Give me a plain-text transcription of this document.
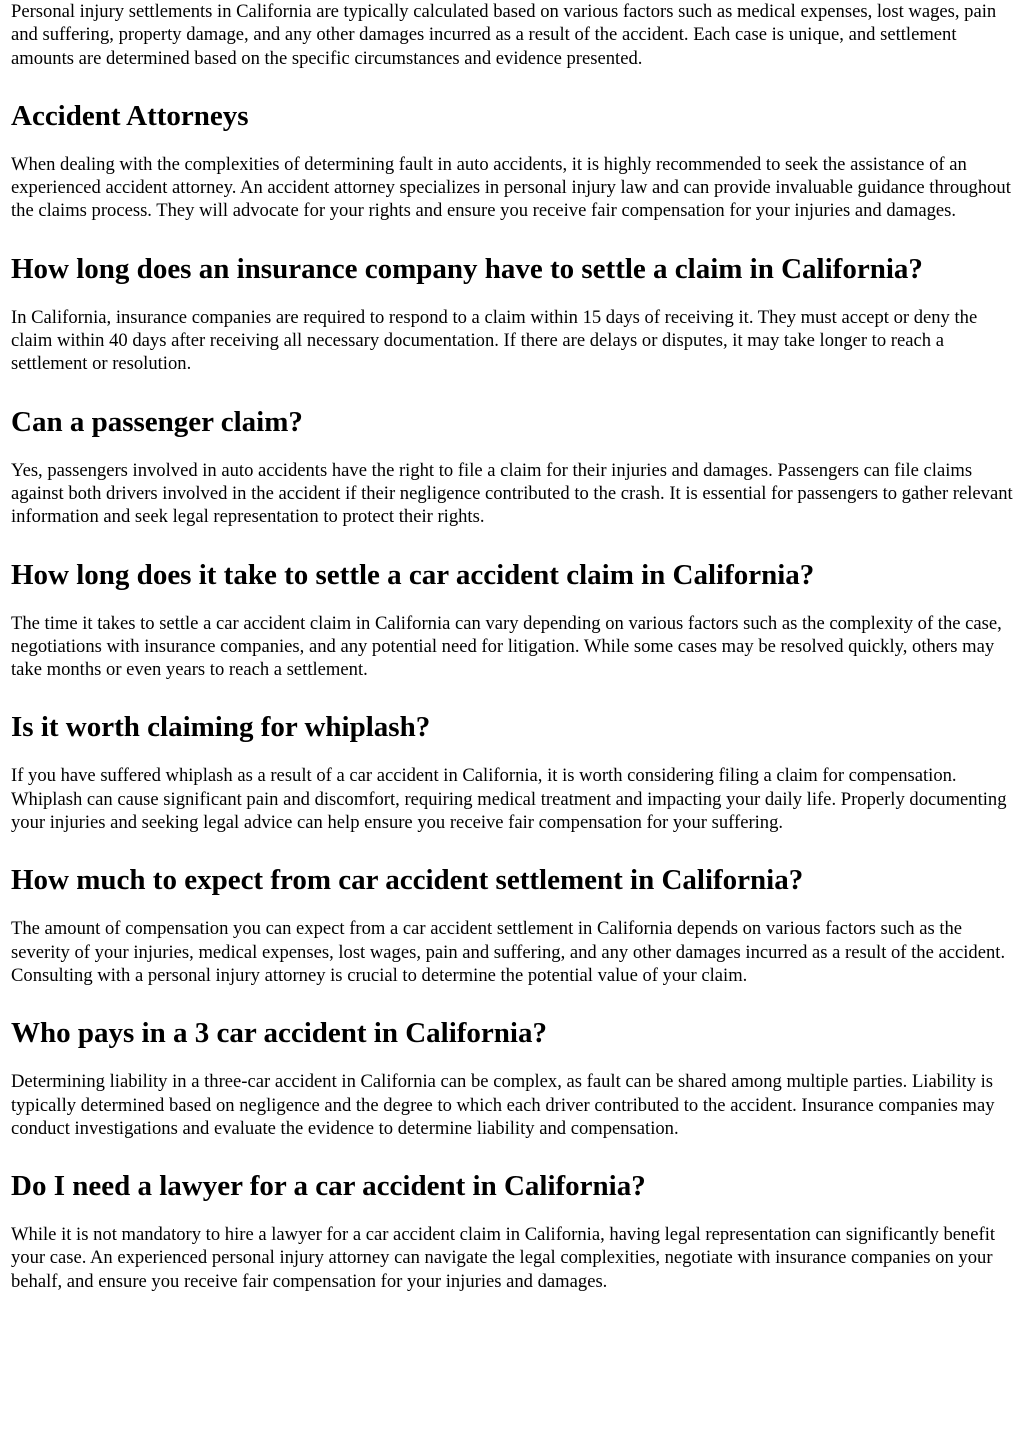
Personal injury settlements in California are typically calculated based on various factors such as medical expenses, lost wages, pain and suffering, property damage, and any other damages incurred as a result of the accident. Each case is unique, and settlement amounts are determined based on the specific circumstances and evidence presented.

Accident Attorneys

When dealing with the complexities of determining fault in auto accidents, it is highly recommended to seek the assistance of an experienced accident attorney. An accident attorney specializes in personal injury law and can provide invaluable guidance throughout the claims process. They will advocate for your rights and ensure you receive fair compensation for your injuries and damages.

How long does an insurance company have to settle a claim in California?

In California, insurance companies are required to respond to a claim within 15 days of receiving it. They must accept or deny the claim within 40 days after receiving all necessary documentation. If there are delays or disputes, it may take longer to reach a settlement or resolution.

Can a passenger claim?

Yes, passengers involved in auto accidents have the right to file a claim for their injuries and damages. Passengers can file claims against both drivers involved in the accident if their negligence contributed to the crash. It is essential for passengers to gather relevant information and seek legal representation to protect their rights.

How long does it take to settle a car accident claim in California?

The time it takes to settle a car accident claim in California can vary depending on various factors such as the complexity of the case, negotiations with insurance companies, and any potential need for litigation. While some cases may be resolved quickly, others may take months or even years to reach a settlement.

Is it worth claiming for whiplash?

If you have suffered whiplash as a result of a car accident in California, it is worth considering filing a claim for compensation. Whiplash can cause significant pain and discomfort, requiring medical treatment and impacting your daily life. Properly documenting your injuries and seeking legal advice can help ensure you receive fair compensation for your suffering.

How much to expect from car accident settlement in California?

The amount of compensation you can expect from a car accident settlement in California depends on various factors such as the severity of your injuries, medical expenses, lost wages, pain and suffering, and any other damages incurred as a result of the accident. Consulting with a personal injury attorney is crucial to determine the potential value of your claim.

Who pays in a 3 car accident in California?

Determining liability in a three-car accident in California can be complex, as fault can be shared among multiple parties. Liability is typically determined based on negligence and the degree to which each driver contributed to the accident. Insurance companies may conduct investigations and evaluate the evidence to determine liability and compensation.

Do I need a lawyer for a car accident in California?

While it is not mandatory to hire a lawyer for a car accident claim in California, having legal representation can significantly benefit your case. An experienced personal injury attorney can navigate the legal complexities, negotiate with insurance companies on your behalf, and ensure you receive fair compensation for your injuries and damages.
